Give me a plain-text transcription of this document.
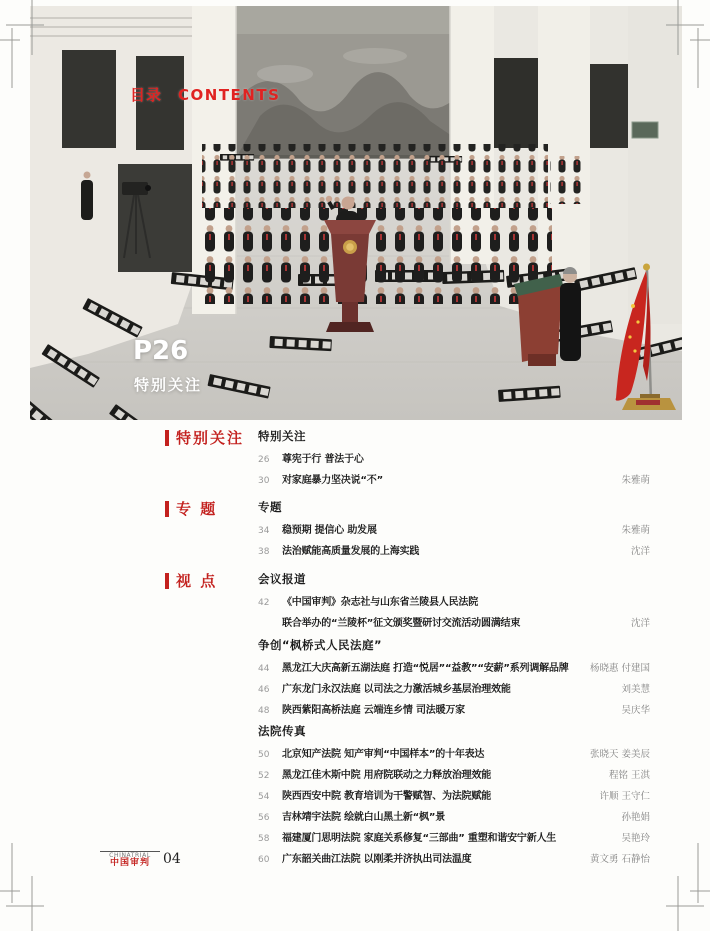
目录 CONTENTS
P26
特别关注
特别关注 特别关注
26	尊宪于行 普法于心
30	对家庭暴力坚决说“不”	朱雅萌
专 题	专题
34	稳预期 提信心 助发展	朱雅萌
38	法治赋能高质量发展的上海实践	沈洋
视 点	会议报道
42	《中国审判》杂志社与山东省兰陵县人民法院
联合举办的“兰陵杯”征文颁奖暨研讨交流活动圆满结束	沈洋
争创“枫桥式人民法庭”
44	黑龙江大庆高新五湖法庭 打造“悦居”“益教”“安薪”系列调解品牌	杨晓惠 付建国
46	广东龙门永汉法庭 以司法之力激活城乡基层治理效能	刘美慧
48	陕西紫阳高桥法庭 云端连乡情 司法暖万家	吴庆华
法院传真
50	北京知产法院 知产审判“中国样本”的十年表达	张晓天 姜美辰
52	黑龙江佳木斯中院 用府院联动之力释放治理效能	程铭 王淇
54	陕西西安中院 教育培训为干警赋智、为法院赋能	许顺 王守仁
56	吉林靖宇法院 绘就白山黑土新“枫”景	孙艳娟
58	福建厦门思明法院 家庭关系修复“三部曲” 重塑和谐安宁新人生	吴艳玲
60	广东韶关曲江法院 以刚柔并济执出司法温度	黄文勇 石静怡
CHINATRIAL
中国审判 04
